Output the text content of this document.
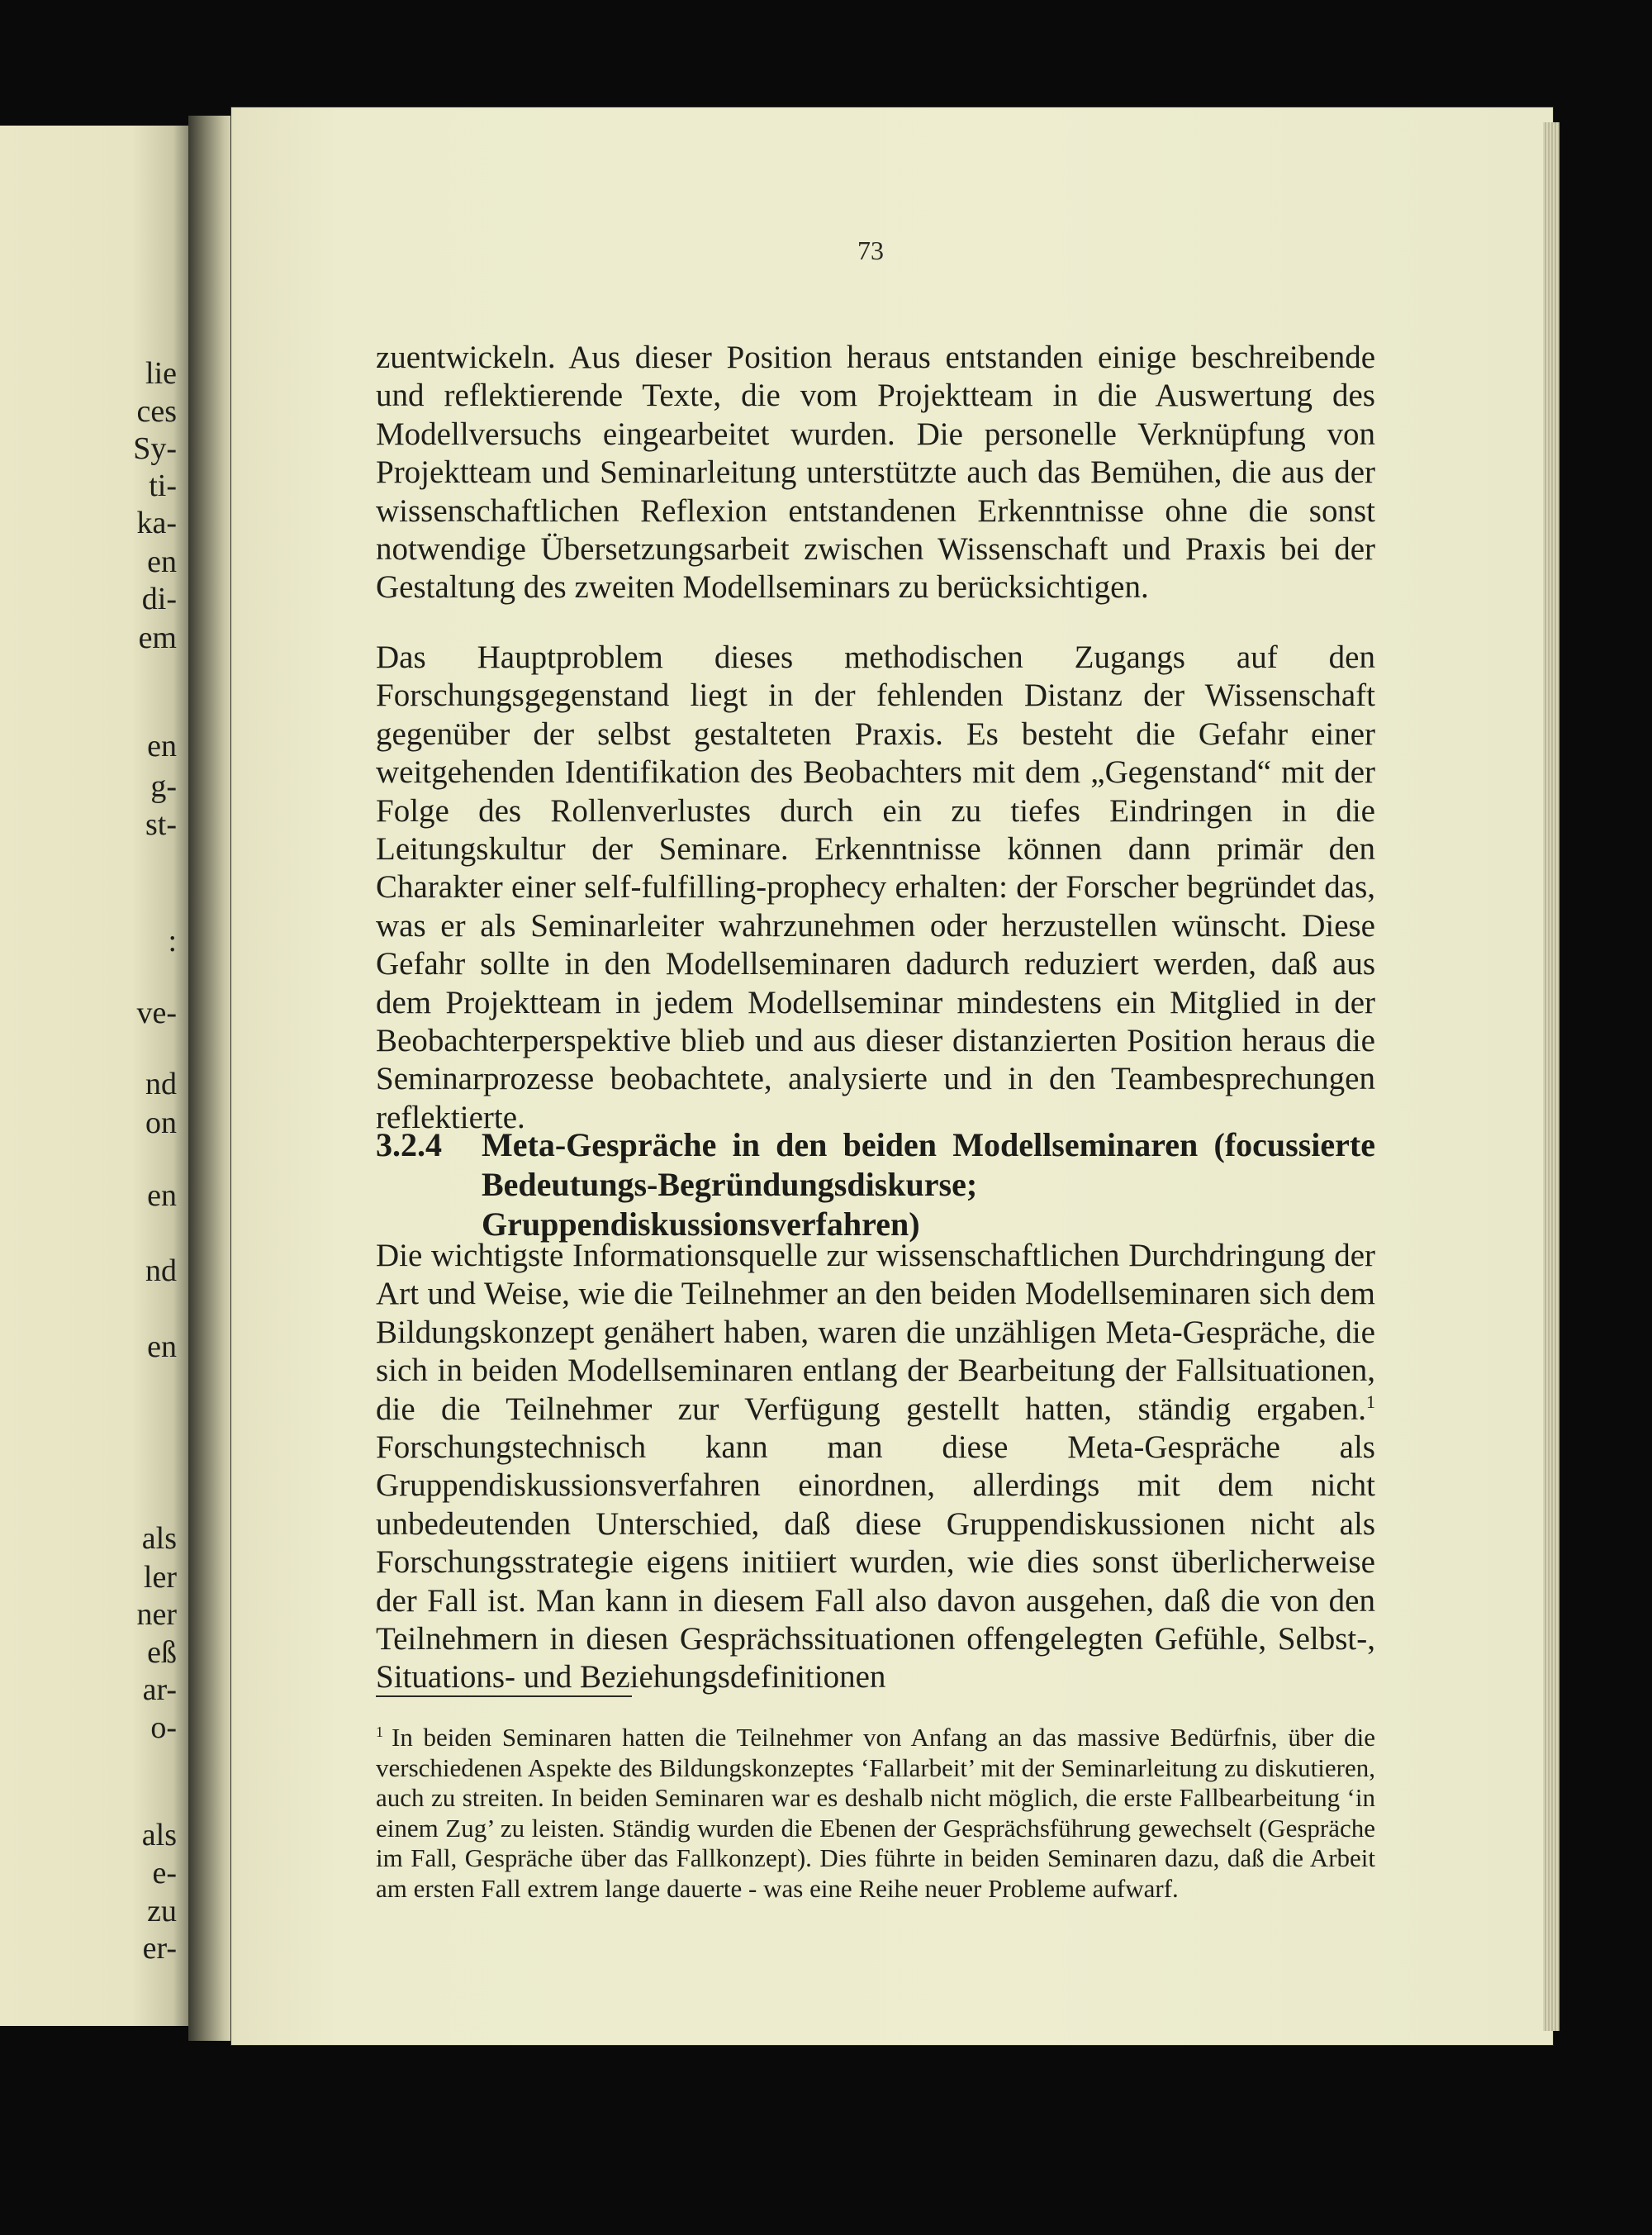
lie
ces
Sy-
ti-
ka-
en
di-
em
en
g-
st-
:
ve-
nd
on
en
nd
en
als
ler
ner
eß
ar-
o-
als
e-
zu
er-
73

zuentwickeln. Aus dieser Position heraus entstanden einige beschreibende und reflektierende Texte, die vom Projektteam in die Auswertung des Modellversuchs eingearbeitet wurden. Die personelle Verknüpfung von Projektteam und Seminarleitung unterstützte auch das Bemühen, die aus der wissenschaftlichen Reflexion entstandenen Erkenntnisse ohne die sonst notwendige Übersetzungsarbeit zwischen Wissenschaft und Praxis bei der Gestaltung des zweiten Modellseminars zu berücksichtigen.

Das Hauptproblem dieses methodischen Zugangs auf den Forschungsgegenstand liegt in der fehlenden Distanz der Wissenschaft gegenüber der selbst gestalteten Praxis. Es besteht die Gefahr einer weitgehenden Identifikation des Beobachters mit dem „Gegenstand“ mit der Folge des Rollenverlustes durch ein zu tiefes Eindringen in die Leitungskultur der Seminare. Erkenntnisse können dann primär den Charakter einer self-fulfilling-prophecy erhalten: der Forscher begründet das, was er als Seminarleiter wahrzunehmen oder herzustellen wünscht. Diese Gefahr sollte in den Modellseminaren dadurch reduziert werden, daß aus dem Projektteam in jedem Modellseminar mindestens ein Mitglied in der Beobachterperspektive blieb und aus dieser distanzierten Position heraus die Seminarprozesse beobachtete, analysierte und in den Teambesprechungen reflektierte.

3.2.4 Meta-Gespräche in den beiden Modellseminaren (focussierte Bedeutungs-Begründungsdiskurse; Gruppendiskussionsverfahren)

Die wichtigste Informationsquelle zur wissenschaftlichen Durchdringung der Art und Weise, wie die Teilnehmer an den beiden Modellseminaren sich dem Bildungskonzept genähert haben, waren die unzähligen Meta-Gespräche, die sich in beiden Modellseminaren entlang der Bearbeitung der Fallsituationen, die die Teilnehmer zur Verfügung gestellt hatten, ständig ergaben.$^1$ Forschungstechnisch kann man diese Meta-Gespräche als Gruppendiskussionsverfahren einordnen, allerdings mit dem nicht unbedeutenden Unterschied, daß diese Gruppendiskussionen nicht als Forschungsstrategie eigens initiiert wurden, wie dies sonst überlicherweise der Fall ist. Man kann in diesem Fall also davon ausgehen, daß die von den Teilnehmern in diesen Gesprächssituationen offengelegten Gefühle, Selbst-, Situations- und Beziehungsdefinitionen

$^1$ In beiden Seminaren hatten die Teilnehmer von Anfang an das massive Bedürfnis, über die verschiedenen Aspekte des Bildungskonzeptes ‘Fallarbeit’ mit der Seminarleitung zu diskutieren, auch zu streiten. In beiden Seminaren war es deshalb nicht möglich, die erste Fallbearbeitung ‘in einem Zug’ zu leisten. Ständig wurden die Ebenen der Gesprächsführung gewechselt (Gespräche im Fall, Gespräche über das Fallkonzept). Dies führte in beiden Seminaren dazu, daß die Arbeit am ersten Fall extrem lange dauerte - was eine Reihe neuer Probleme aufwarf.
